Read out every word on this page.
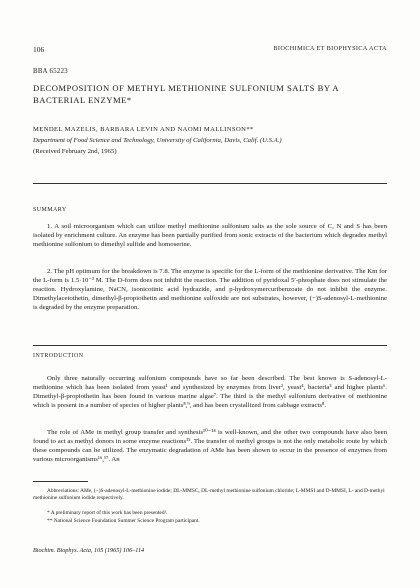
106	BIOCHIMICA ET BIOPHYSICA ACTA
BBA 65223
DECOMPOSITION OF METHYL METHIONINE SULFONIUM SALTS BY A BACTERIAL ENZYME*
MENDEL MAZELIS, BARBARA LEVIN AND NAOMI MALLINSON**
Department of Food Science and Technology, University of California, Davis, Calif. (U.S.A.)
(Received February 2nd, 1965)
SUMMARY
1. A soil microorganism which can utilize methyl methionine sulfonium salts as the sole source of C, N and S has been isolated by enrichment culture. An enzyme has been partially purified from sonic extracts of the bacterium which degrades methyl methionine sulfonium to dimethyl sulfide and homoserine.
2. The pH optimum for the breakdown is 7.8. The enzyme is specific for the L-form of the methionine derivative. The Km for the L-form is 1.5·10⁻³ M. The D-form does not inhibit the reaction. The addition of pyridoxal 5′-phosphate does not stimulate the reaction. Hydroxylamine, NaCN, isonicotinic acid hydrazide, and p-hydroxymercuribenzoate do not inhibit the enzyme. Dimethylacetothetin, dimethyl-β-propiothetin and methionine sulfoxide are not substrates, however, (−)S-adenosyl-L-methionine is degraded by the enzyme preparation.
INTRODUCTION
Only three naturally occurring sulfonium compounds have so far been described. The best known is S-adenosyl-L-methionine which has been isolated from yeast¹ and synthesized by enzymes from liver², yeast⁴, bacteria⁵ and higher plants⁶. Dimethyl-β-propiothetin has been found in various marine algae⁷. The third is the methyl sulfonium derivative of methionine which is present in a number of species of higher plants⁸,⁹, and has been crystallized from cabbage extracts⁸.
The role of AMe in methyl group transfer and synthesis¹⁰⁻¹⁴ is well-known, and the other two compounds have also been found to act as methyl donors in some enzyme reactions¹⁵. The transfer of methyl groups is not the only metabolic route by which these compounds can be utilized. The enzymatic degradation of AMe has been shown to occur in the presence of enzymes from various microorganisms¹⁶,¹⁷. An
Abbreviations: AMe, (−)S-adenosyl-L-methionine iodide; DL-MMSC, DL-methyl methionine sulfonium chloride; L-MMSI and D-MMSI, L- and D-methyl methionine sulfonium iodide respectively.
* A preliminary report of this work has been presented¹.
** National Science Foundation Summer Science Program participant.
Biochim. Biophys. Acta, 105 (1965) 106–114
